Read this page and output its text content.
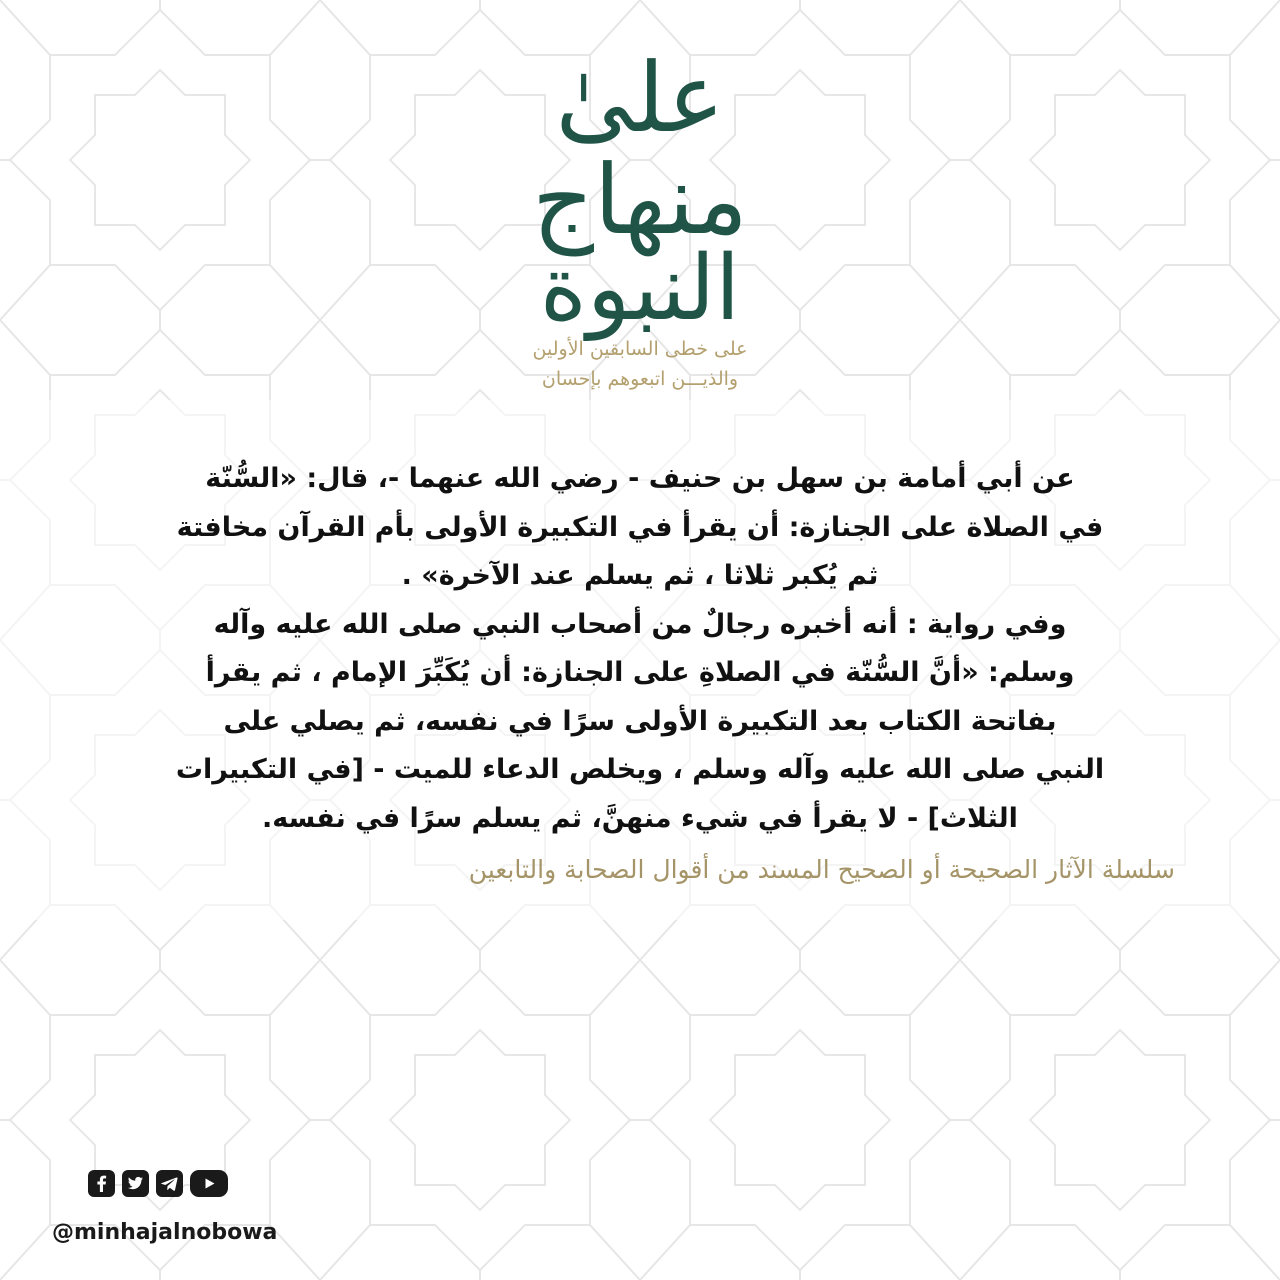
علىٰ
منهاج
النبوة
على خطى السابقين الأولين
والذيـــن اتبعوهم بإحسان
عن أبي أمامة بن سهل بن حنيف - رضي الله عنهما -، قال: «السُّنّة
في الصلاة على الجنازة: أن يقرأ في التكبيرة الأولى بأم القرآن مخافتة
ثم يُكبر ثلاثا ، ثم يسلم عند الآخرة» .
وفي رواية : أنه أخبره رجالٌ من أصحاب النبي صلى الله عليه وآله
وسلم: «أنَّ السُّنّة في الصلاةِ على الجنازة: أن يُكَبِّرَ الإمام ، ثم يقرأ
بفاتحة الكتاب بعد التكبيرة الأولى سرًا في نفسه، ثم يصلي على
النبي صلى الله عليه وآله وسلم ، ويخلص الدعاء للميت - [في التكبيرات
الثلاث] - لا يقرأ في شيء منهنَّ، ثم يسلم سرًا في نفسه.
سلسلة الآثار الصحيحة أو الصحيح المسند من أقوال الصحابة والتابعين
@minhajalnobowa
